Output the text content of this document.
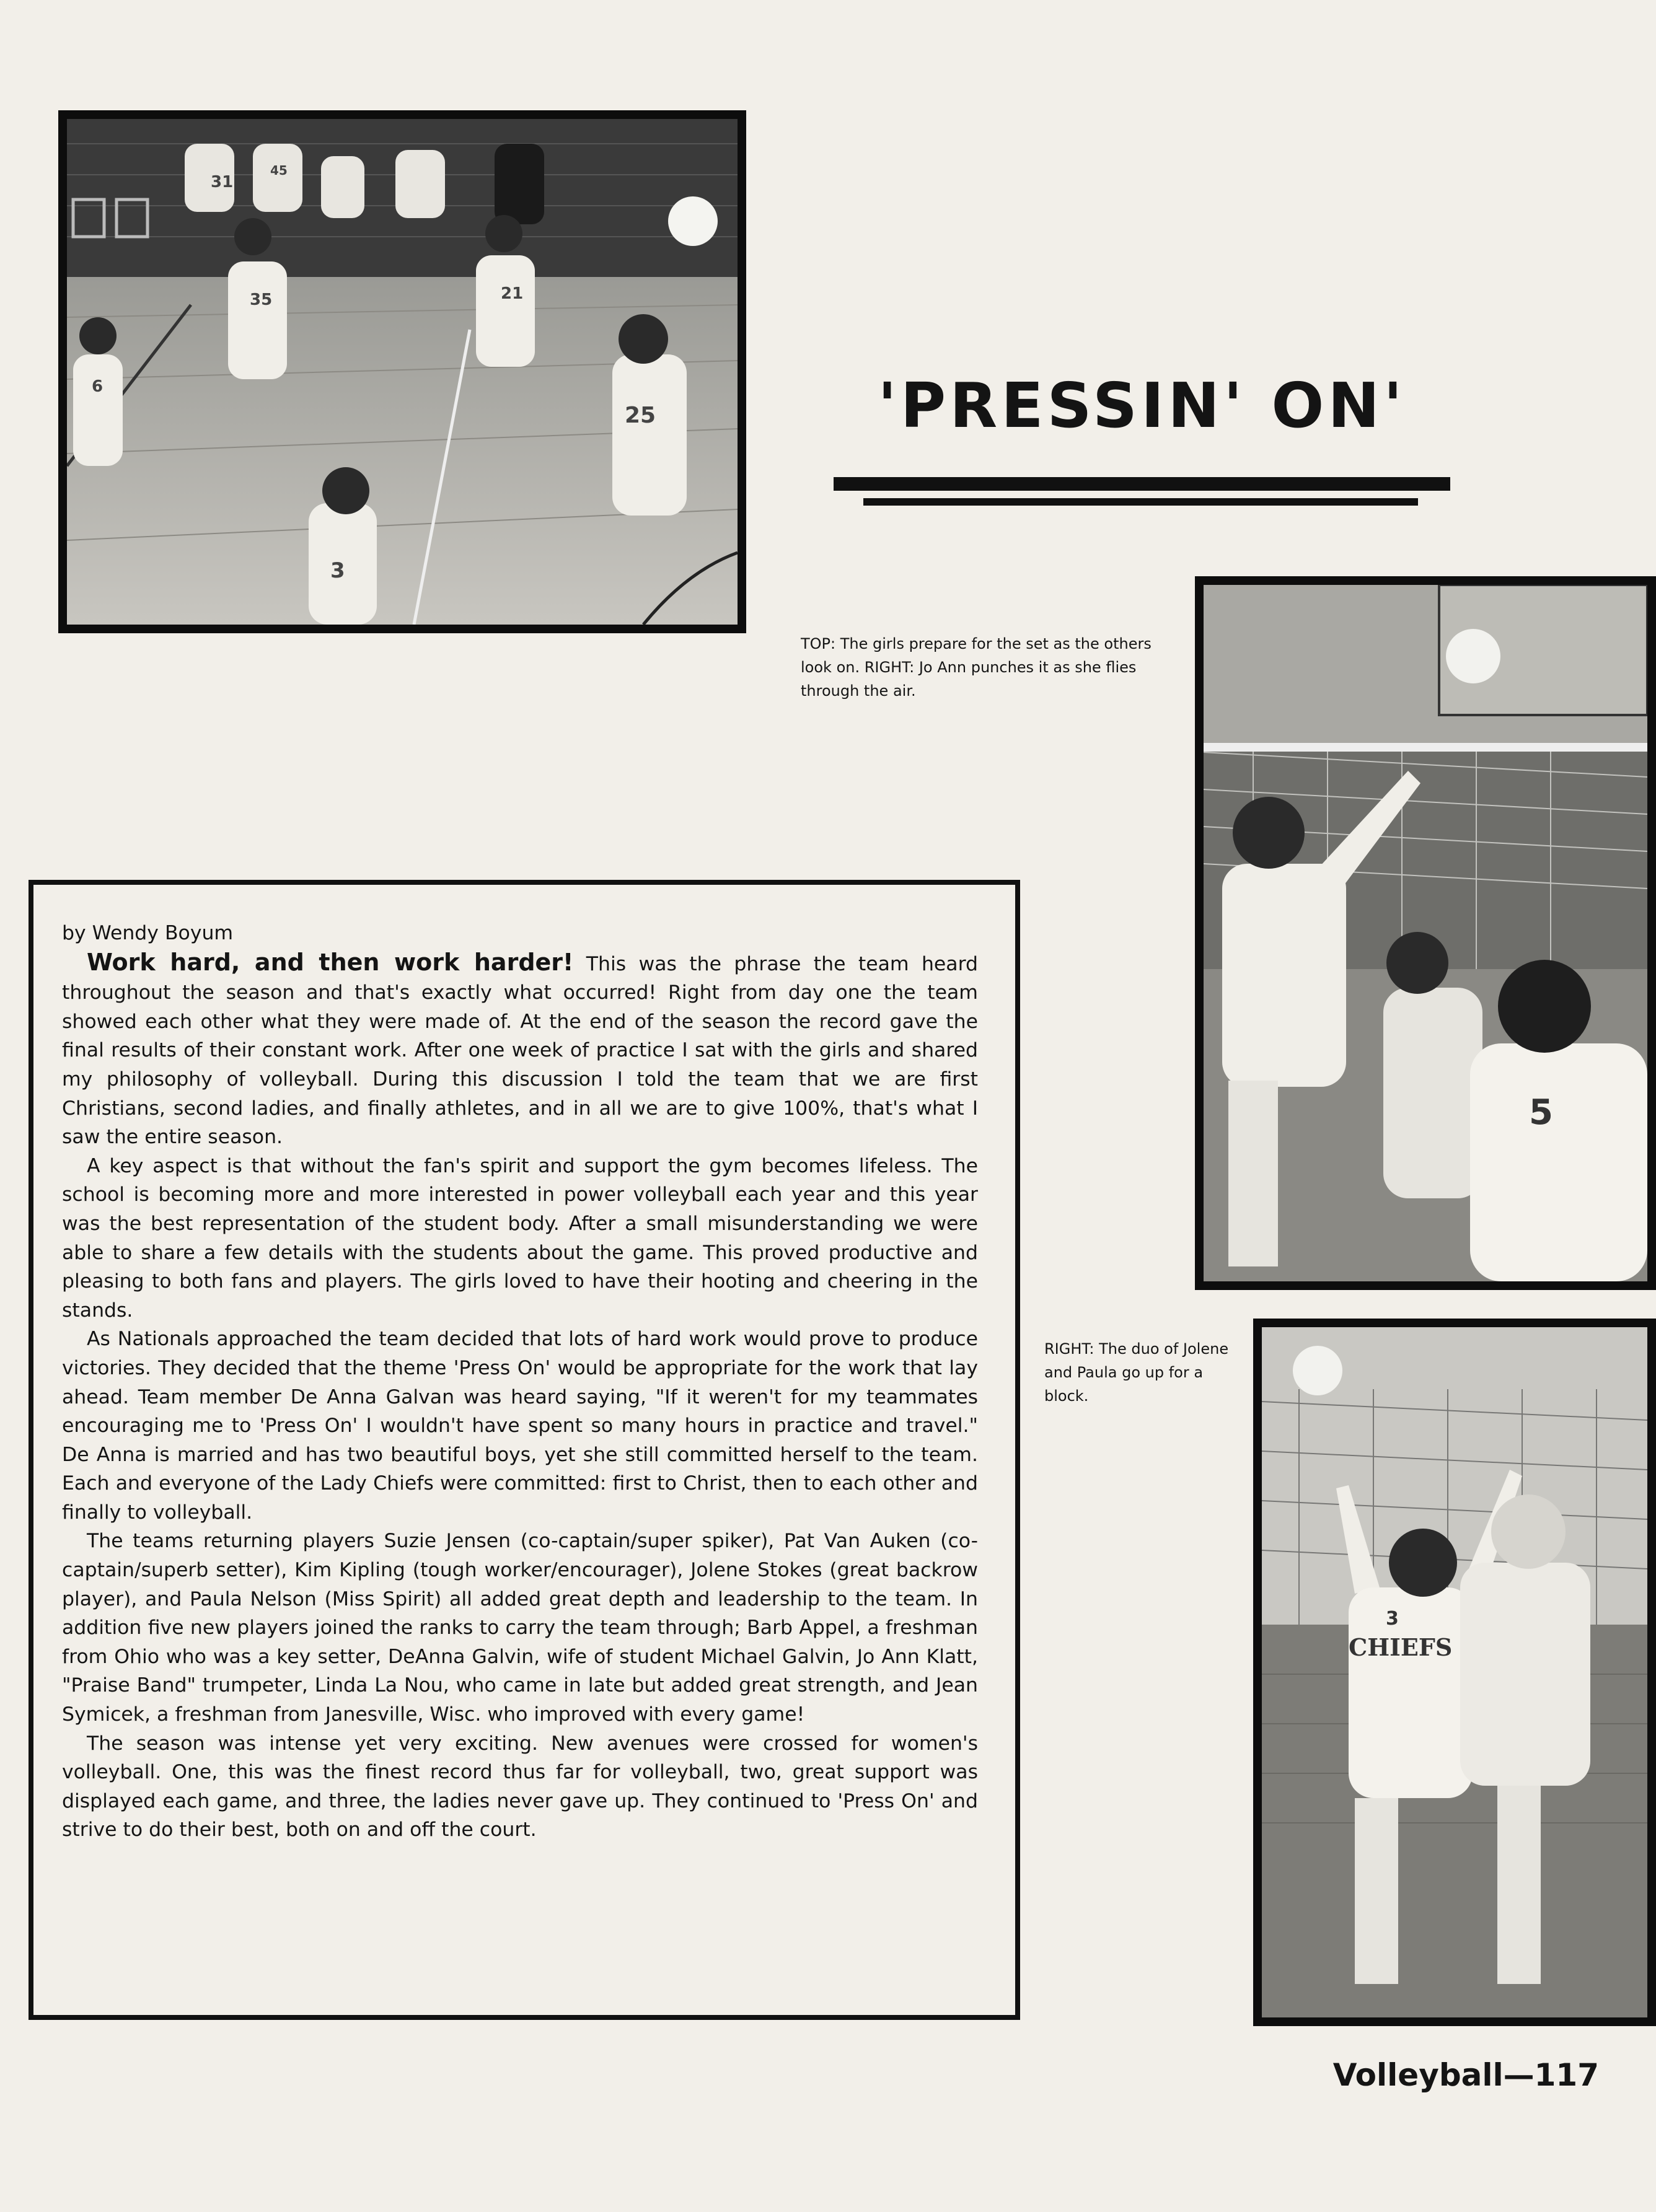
31
45
35	21
25
6
3
'PRESSIN' ON'
5

TOP: The girls prepare for the set as the others look on. RIGHT: Jo Ann punches it as she flies through the air.

CHIEFS
3

RIGHT: The duo of Jolene and Paula go up for a block.

by Wendy Boyum

Work hard, and then work harder! This was the phrase the team heard throughout the season and that's exactly what occurred! Right from day one the team showed each other what they were made of. At the end of the season the record gave the final results of their constant work. After one week of practice I sat with the girls and shared my philosophy of volleyball. During this discussion I told the team that we are first Christians, second ladies, and finally athletes, and in all we are to give 100%, that's what I saw the entire season.

A key aspect is that without the fan's spirit and support the gym becomes lifeless. The school is becoming more and more interested in power volleyball each year and this year was the best representation of the student body. After a small misunderstanding we were able to share a few details with the students about the game. This proved productive and pleasing to both fans and players. The girls loved to have their hooting and cheering in the stands.

As Nationals approached the team decided that lots of hard work would prove to produce victories. They decided that the theme 'Press On' would be appropriate for the work that lay ahead. Team member De Anna Galvan was heard saying, "If it weren't for my teammates encouraging me to 'Press On' I wouldn't have spent so many hours in practice and travel." De Anna is married and has two beautiful boys, yet she still committed herself to the team. Each and everyone of the Lady Chiefs were committed: first to Christ, then to each other and finally to volleyball.

The teams returning players Suzie Jensen (co-captain/super spiker), Pat Van Auken (co-captain/superb setter), Kim Kipling (tough worker/encourager), Jolene Stokes (great backrow player), and Paula Nelson (Miss Spirit) all added great depth and leadership to the team. In addition five new players joined the ranks to carry the team through; Barb Appel, a freshman from Ohio who was a key setter, DeAnna Galvin, wife of student Michael Galvin, Jo Ann Klatt, "Praise Band" trumpeter, Linda La Nou, who came in late but added great strength, and Jean Symicek, a freshman from Janesville, Wisc. who improved with every game!

The season was intense yet very exciting. New avenues were crossed for women's volleyball. One, this was the finest record thus far for volleyball, two, great support was displayed each game, and three, the ladies never gave up. They continued to 'Press On' and strive to do their best, both on and off the court.

Volleyball—117
